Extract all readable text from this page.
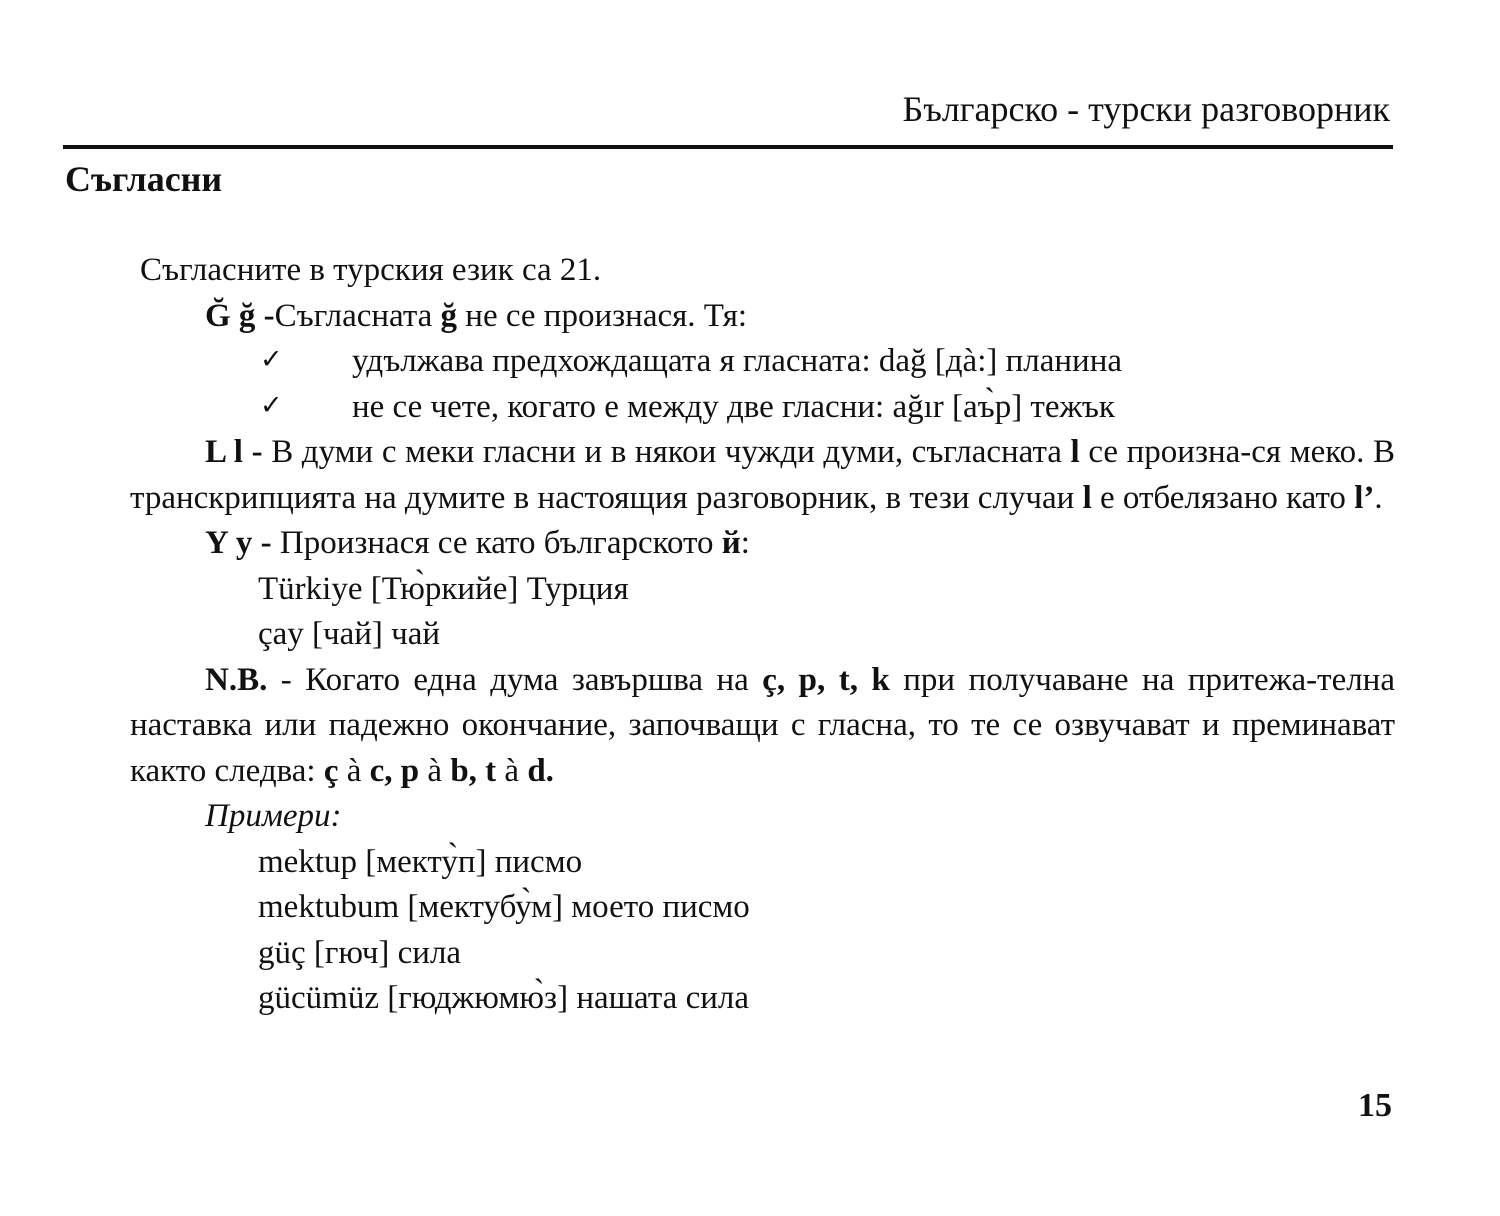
Българско - турски разговорник
Съгласни

Съгласните в турския език са 21.

Ğ ğ -Съгласната ğ не се произнася. Тя:

✓ удължава предхождащата я гласната: dağ [дà:] планина

✓ не се чете, когато е между две гласни: ağır [аъ̀р] тежък

L l - В думи с меки гласни и в някои чужди думи, съгласната l се произна-ся меко. В транскрипцията на думите в настоящия разговорник, в тези случаи l е отбелязано като l’.

Y y - Произнася се като българското й:

Türkiye [Тю̀ркийе] Турция

çay [чай] чай

N.B. - Когато една дума завършва на ç, p, t, k при получаване на притежа-телна наставка или падежно окончание, започващи с гласна, то те се озвучават и преминават както следва: ç à c, p à b, t à d.

Примери:

mektup [мекту̀п] писмо

mektubum [мектубу̀м] моето писмо

güç [гюч] сила

gücümüz [гюджюмю̀з] нашата сила

15
